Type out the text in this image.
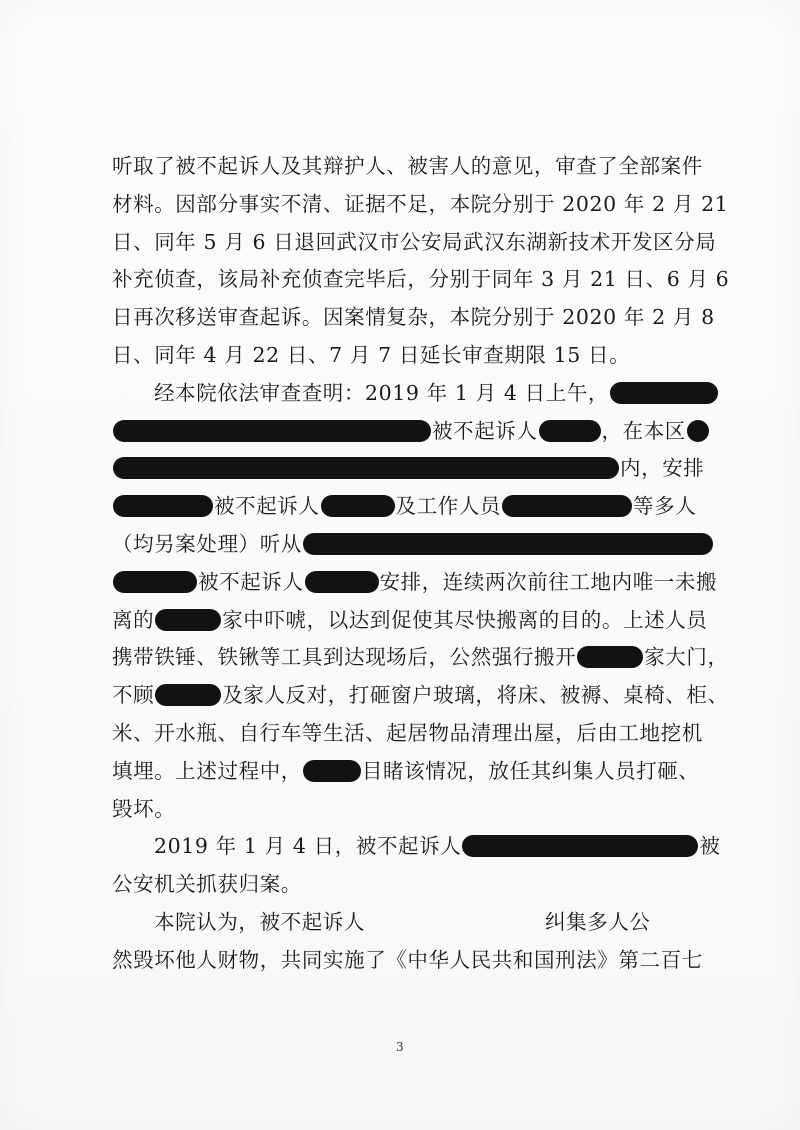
听取了被不起诉人及其辩护人、被害人的意见，审查了全部案件
材料。因部分事实不清、证据不足，本院分别于 2020 年 2 月 21
日、同年 5 月 6 日退回武汉市公安局武汉东湖新技术开发区分局
补充侦查，该局补充侦查完毕后，分别于同年 3 月 21 日、6 月 6
日再次移送审查起诉。因案情复杂，本院分别于 2020 年 2 月 8
日、同年 4 月 22 日、7 月 7 日延长审查期限 15 日。
经本院依法审查查明：2019 年 1 月 4 日上午，
被不起诉人	，在本区
内，安排
被不起诉人	及工作人员	等多人
（均另案处理）听从
被不起诉人	安排，连续两次前往工地内唯一未搬
离的	家中吓唬，以达到促使其尽快搬离的目的。上述人员
携带铁锤、铁锹等工具到达现场后，公然强行搬开	家大门，
不顾	及家人反对，打砸窗户玻璃，将床、被褥、桌椅、柜、
米、开水瓶、自行车等生活、起居物品清理出屋，后由工地挖机
填埋。上述过程中，	目睹该情况，放任其纠集人员打砸、
毁坏。
2019 年 1 月 4 日，被不起诉人	被
公安机关抓获归案。
本院认为，被不起诉人	纠集多人公
然毁坏他人财物，共同实施了《中华人民共和国刑法》第二百七
3
